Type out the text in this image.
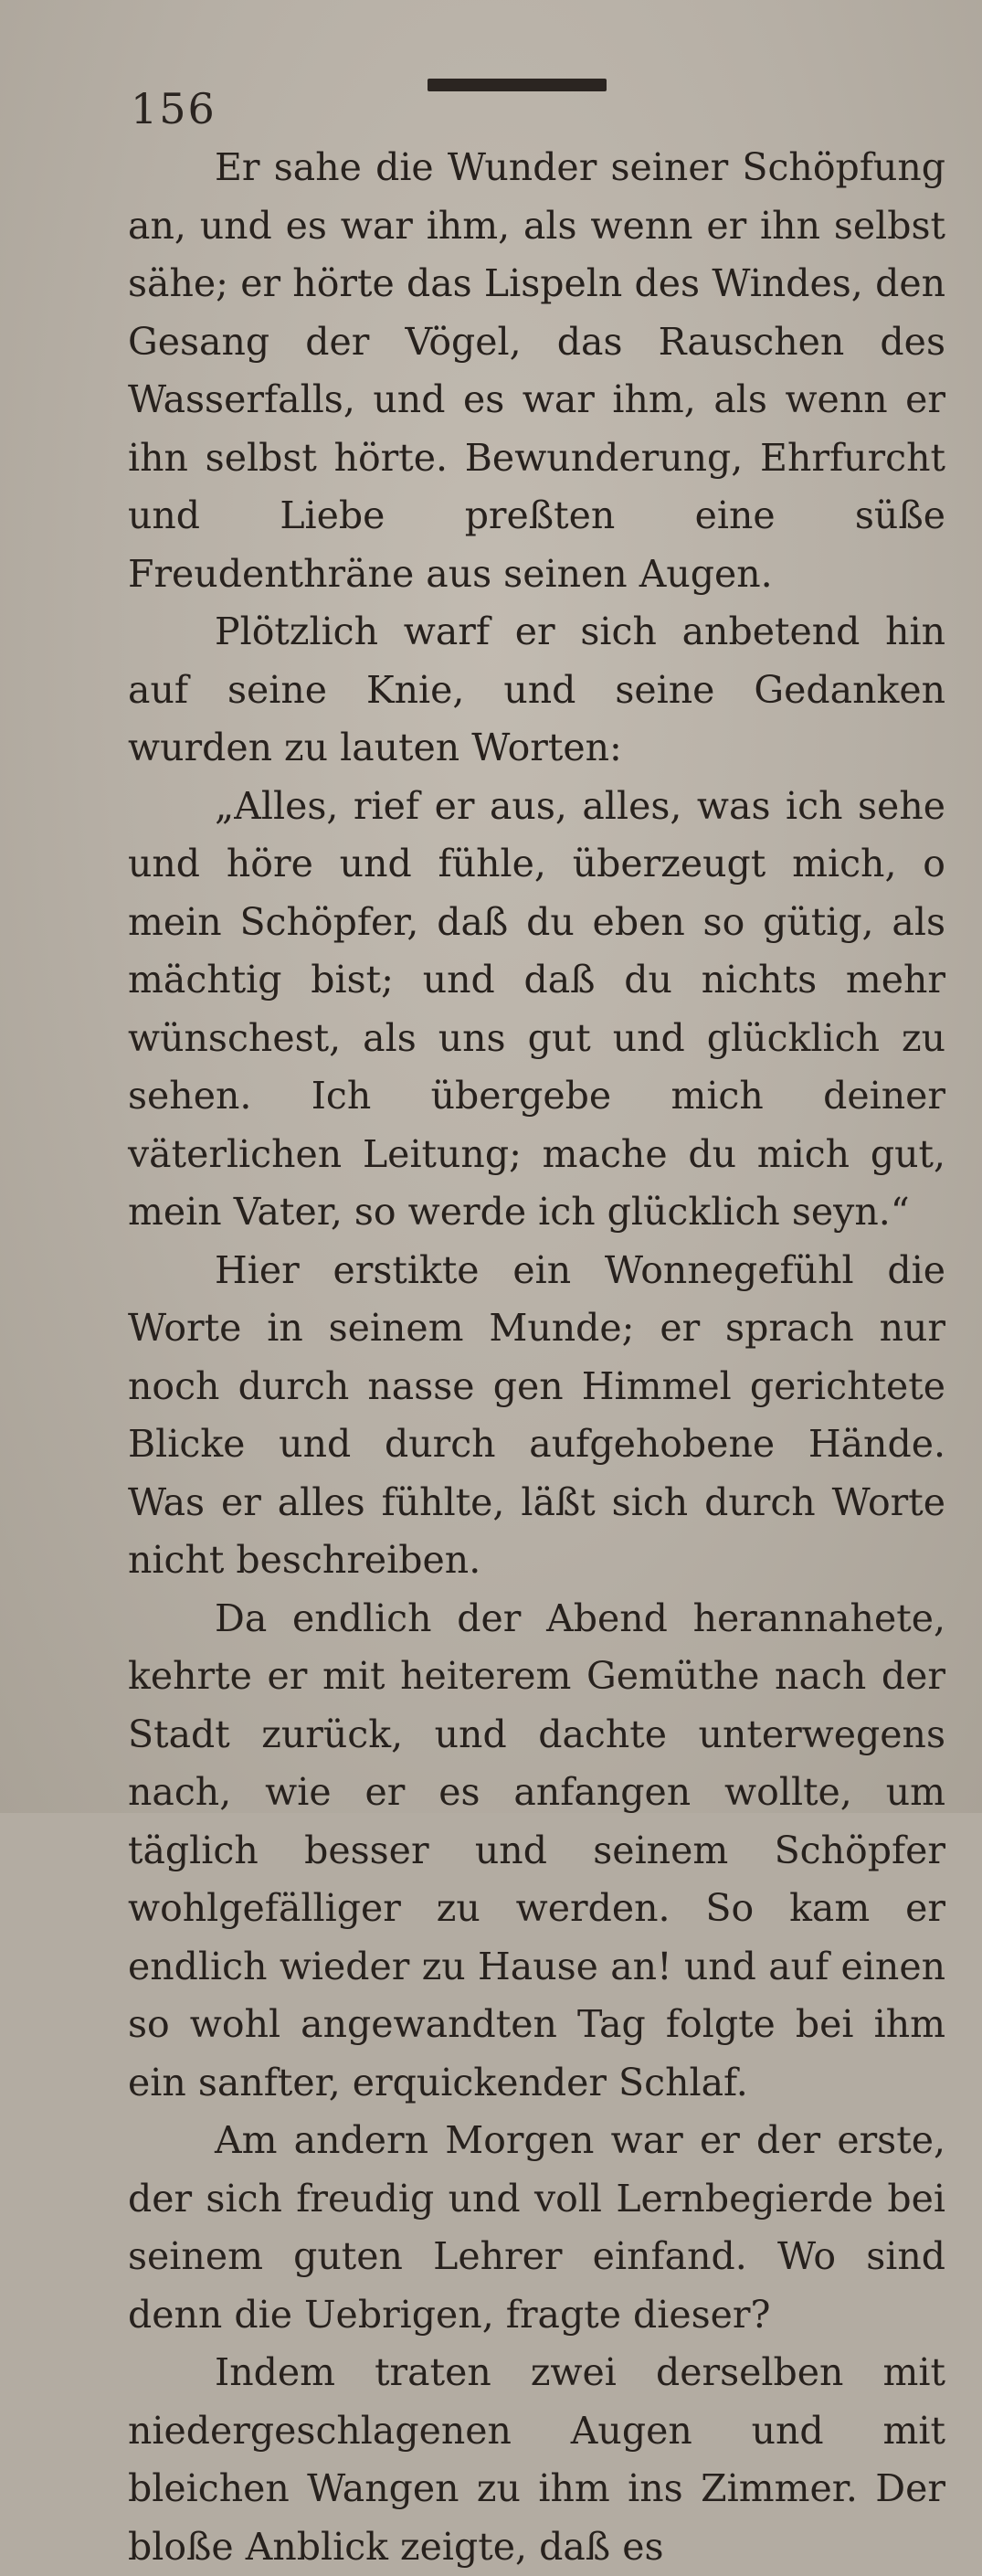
156

Er sahe die Wunder seiner Schöpfung an, und es war ihm, als wenn er ihn selbst sähe; er hörte das Lispeln des Windes, den Gesang der Vögel, das Rauschen des Wasserfalls, und es war ihm, als wenn er ihn selbst hörte. Bewunderung, Ehrfurcht und Liebe preßten eine süße Freudenthräne aus seinen Augen.

Plötzlich warf er sich anbetend hin auf seine Knie, und seine Gedanken wurden zu lauten Worten:

„Alles, rief er aus, alles, was ich sehe und höre und fühle, überzeugt mich, o mein Schöpfer, daß du eben so gütig, als mächtig bist; und daß du nichts mehr wünschest, als uns gut und glücklich zu sehen. Ich übergebe mich deiner väterlichen Leitung; mache du mich gut, mein Vater, so werde ich glücklich seyn.“

Hier erstikte ein Wonnegefühl die Worte in seinem Munde; er sprach nur noch durch nasse gen Himmel gerichtete Blicke und durch aufgehobene Hände. Was er alles fühlte, läßt sich durch Worte nicht beschreiben.

Da endlich der Abend herannahete, kehrte er mit heiterem Gemüthe nach der Stadt zurück, und dachte unterwegens nach, wie er es anfangen wollte, um täglich besser und seinem Schöpfer wohlgefälliger zu werden. So kam er endlich wieder zu Hause an! und auf einen so wohl angewandten Tag folgte bei ihm ein sanfter, erquickender Schlaf.

Am andern Morgen war er der erste, der sich freudig und voll Lernbegierde bei seinem guten Lehrer einfand. Wo sind denn die Uebrigen, fragte dieser?

Indem traten zwei derselben mit niedergeschlagenen Augen und mit bleichen Wangen zu ihm ins Zimmer. Der bloße Anblick zeigte, daß es
